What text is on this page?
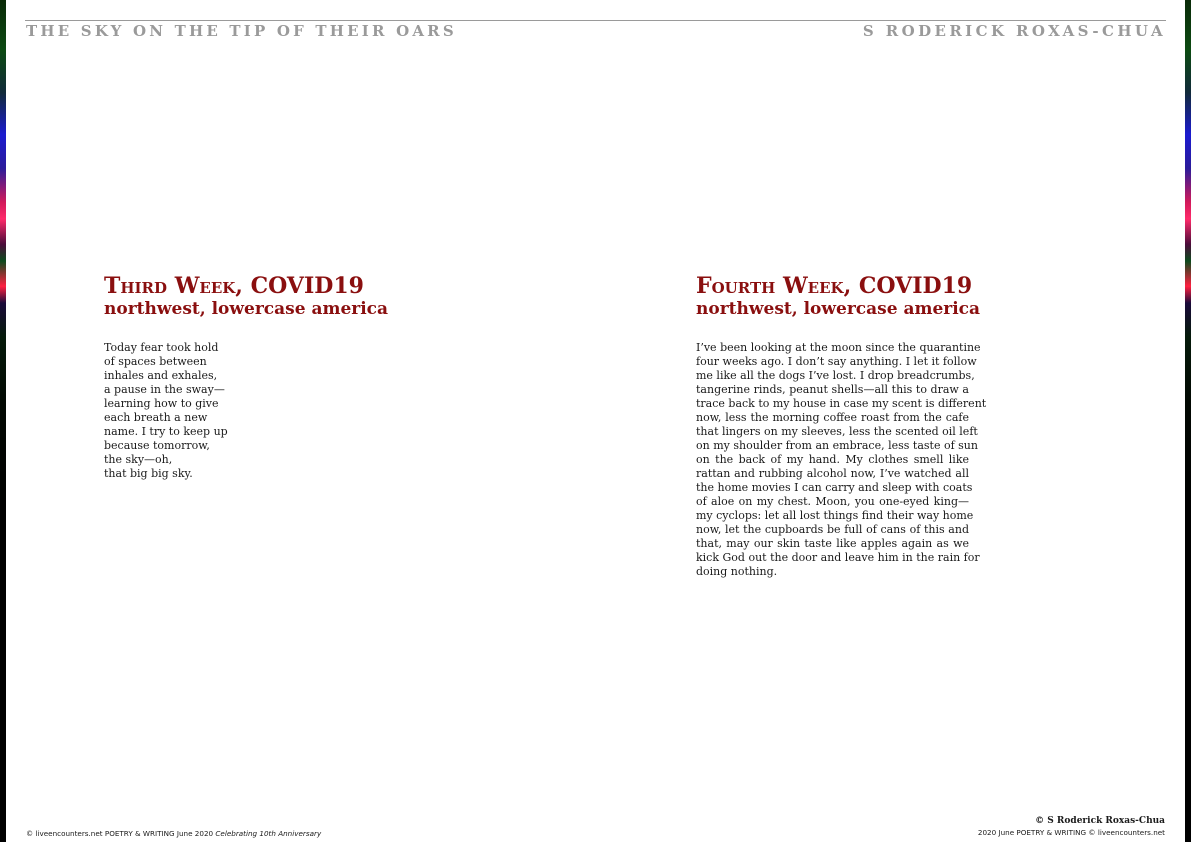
THE SKY ON THE TIP OF THEIR OARS	S RODERICK ROXAS-CHUA
Third Week, COVID19
northwest, lowercase america
Today fear took hold
of spaces between
inhales and exhales,
a pause in the sway—
learning how to give
each breath a new
name. I try to keep up
because tomorrow,
the sky—oh,
that big big sky.
Fourth Week, COVID19
northwest, lowercase america
I’ve been looking at the moon since the quarantine
four weeks ago. I don’t say anything. I let it follow
me like all the dogs I’ve lost. I drop breadcrumbs,
tangerine rinds, peanut shells—all this to draw a
trace back to my house in case my scent is different
now, less the morning coffee roast from the cafe
that lingers on my sleeves, less the scented oil left
on my shoulder from an embrace, less taste of sun
on the back of my hand. My clothes smell like
rattan and rubbing alcohol now, I’ve watched all
the home movies I can carry and sleep with coats
of aloe on my chest. Moon, you one-eyed king—
my cyclops: let all lost things find their way home
now, let the cupboards be full of cans of this and
that, may our skin taste like apples again as we
kick God out the door and leave him in the rain for
doing nothing.
© liveencounters.net POETRY & WRITING June 2020 Celebrating 10th Anniversary
© S Roderick Roxas-Chua
2020 June POETRY & WRITING © liveencounters.net
